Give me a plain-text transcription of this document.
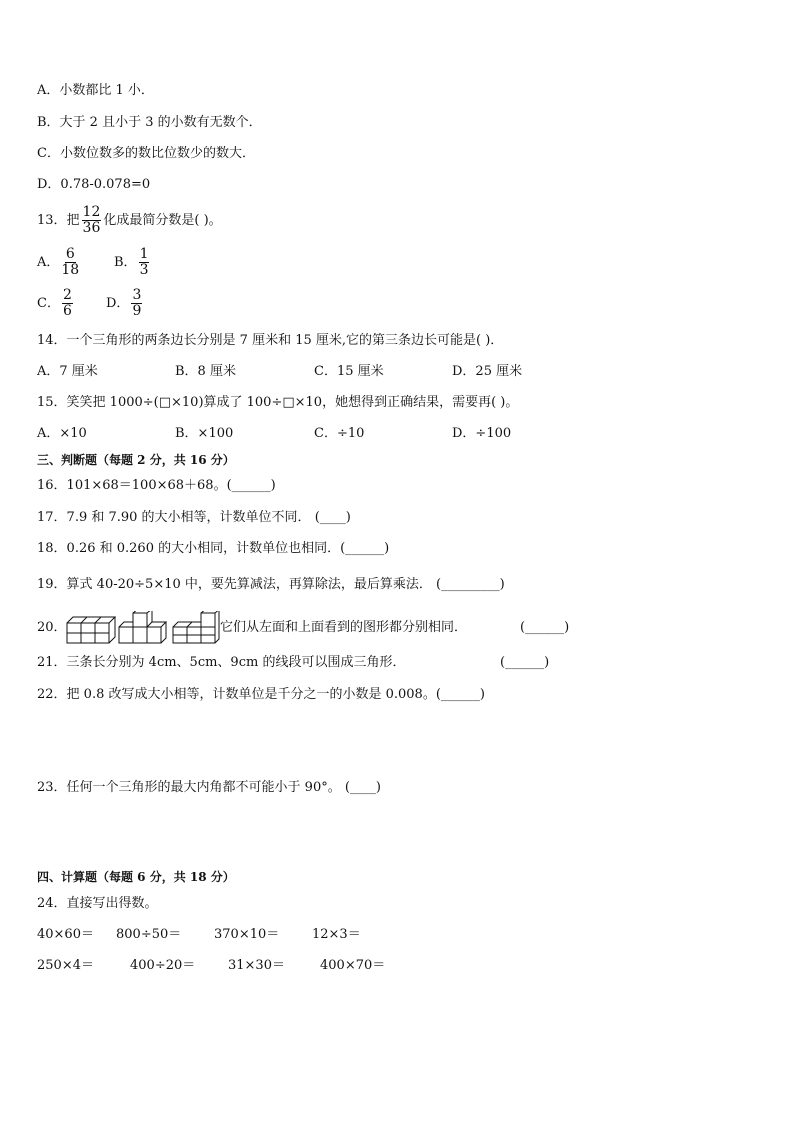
A．小数都比 1 小．
B．大于 2 且小于 3 的小数有无数个．
C．小数位数多的数比位数少的数大．
D．0.78-0.078=0
13．把 $\frac{12}{36}$ 化成最简分数是( )。
A． $\frac{6}{18}$	B． $\frac{1}{3}$
C． $\frac{2}{6}$	D． $\frac{3}{9}$
14．一个三角形的两条边长分别是 7 厘米和 15 厘米,它的第三条边长可能是( )．
A．7 厘米	B．8 厘米	C．15 厘米	D．25 厘米
15．笑笑把 1000÷(□×10)算成了 100÷□×10，她想得到正确结果，需要再( )。
A．×10	B．×100	C．÷10	D．÷100
三、判断题（每题 2 分，共 16 分）
16．101×68＝100×68＋68。(______)
17．7.9 和 7.90 的大小相等，计数单位不同． (____)
18．0.26 和 0.260 的大小相同，计数单位也相同．(______)
19．算式 40-20÷5×10 中，要先算减法，再算除法，最后算乘法． (_________)
20．	它们从左面和上面看到的图形都分别相同．	(______)
21．三条长分别为 4cm、5cm、9cm 的线段可以围成三角形．	(______)
22．把 0.8 改写成大小相等，计数单位是千分之一的小数是 0.008。(______)
23．任何一个三角形的最大内角都不可能小于 90°。 (____)
四、计算题（每题 6 分，共 18 分）
24．直接写出得数。
40×60＝ 800÷50＝	370×10＝	12×3＝
250×4＝	400÷20＝	31×30＝	400×70＝
